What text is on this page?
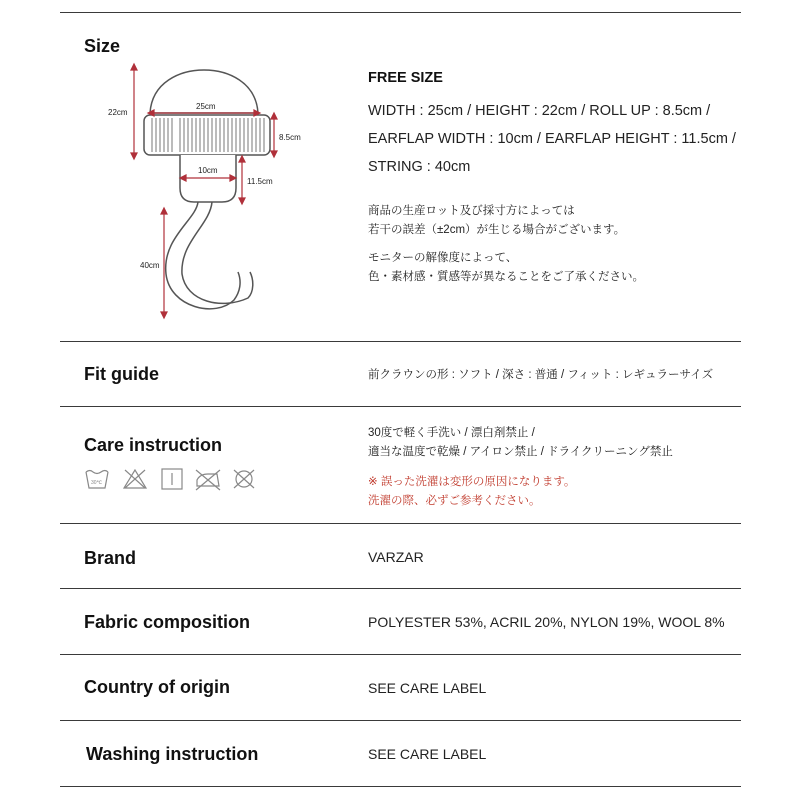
Size
22cm
25cm
8.5cm
10cm
11.5cm
40cm
FREE SIZE
WIDTH : 25cm / HEIGHT : 22cm / ROLL UP : 8.5cm /
EARFLAP WIDTH : 10cm / EARFLAP HEIGHT : 11.5cm /
STRING : 40cm
商品の生産ロット及び採寸方によっては
若干の誤差（±2cm）が生じる場合がございます。
モニターの解像度によって、
色・素材感・質感等が異なることをご了承ください。
Fit guide	前クラウンの形 : ソフト / 深さ : 普通 / フィット : レギュラーサイズ
Care instruction
30度で軽く手洗い / 漂白剤禁止 /
適当な温度で乾燥 / アイロン禁止 / ドライクリーニング禁止
※ 誤った洗濯は変形の原因になります。
洗濯の際、必ずご参考ください。
30℃
Brand	VARZAR
Fabric composition	POLYESTER 53%, ACRIL 20%, NYLON 19%, WOOL 8%
Country of origin	SEE CARE LABEL
Washing instruction	SEE CARE LABEL
